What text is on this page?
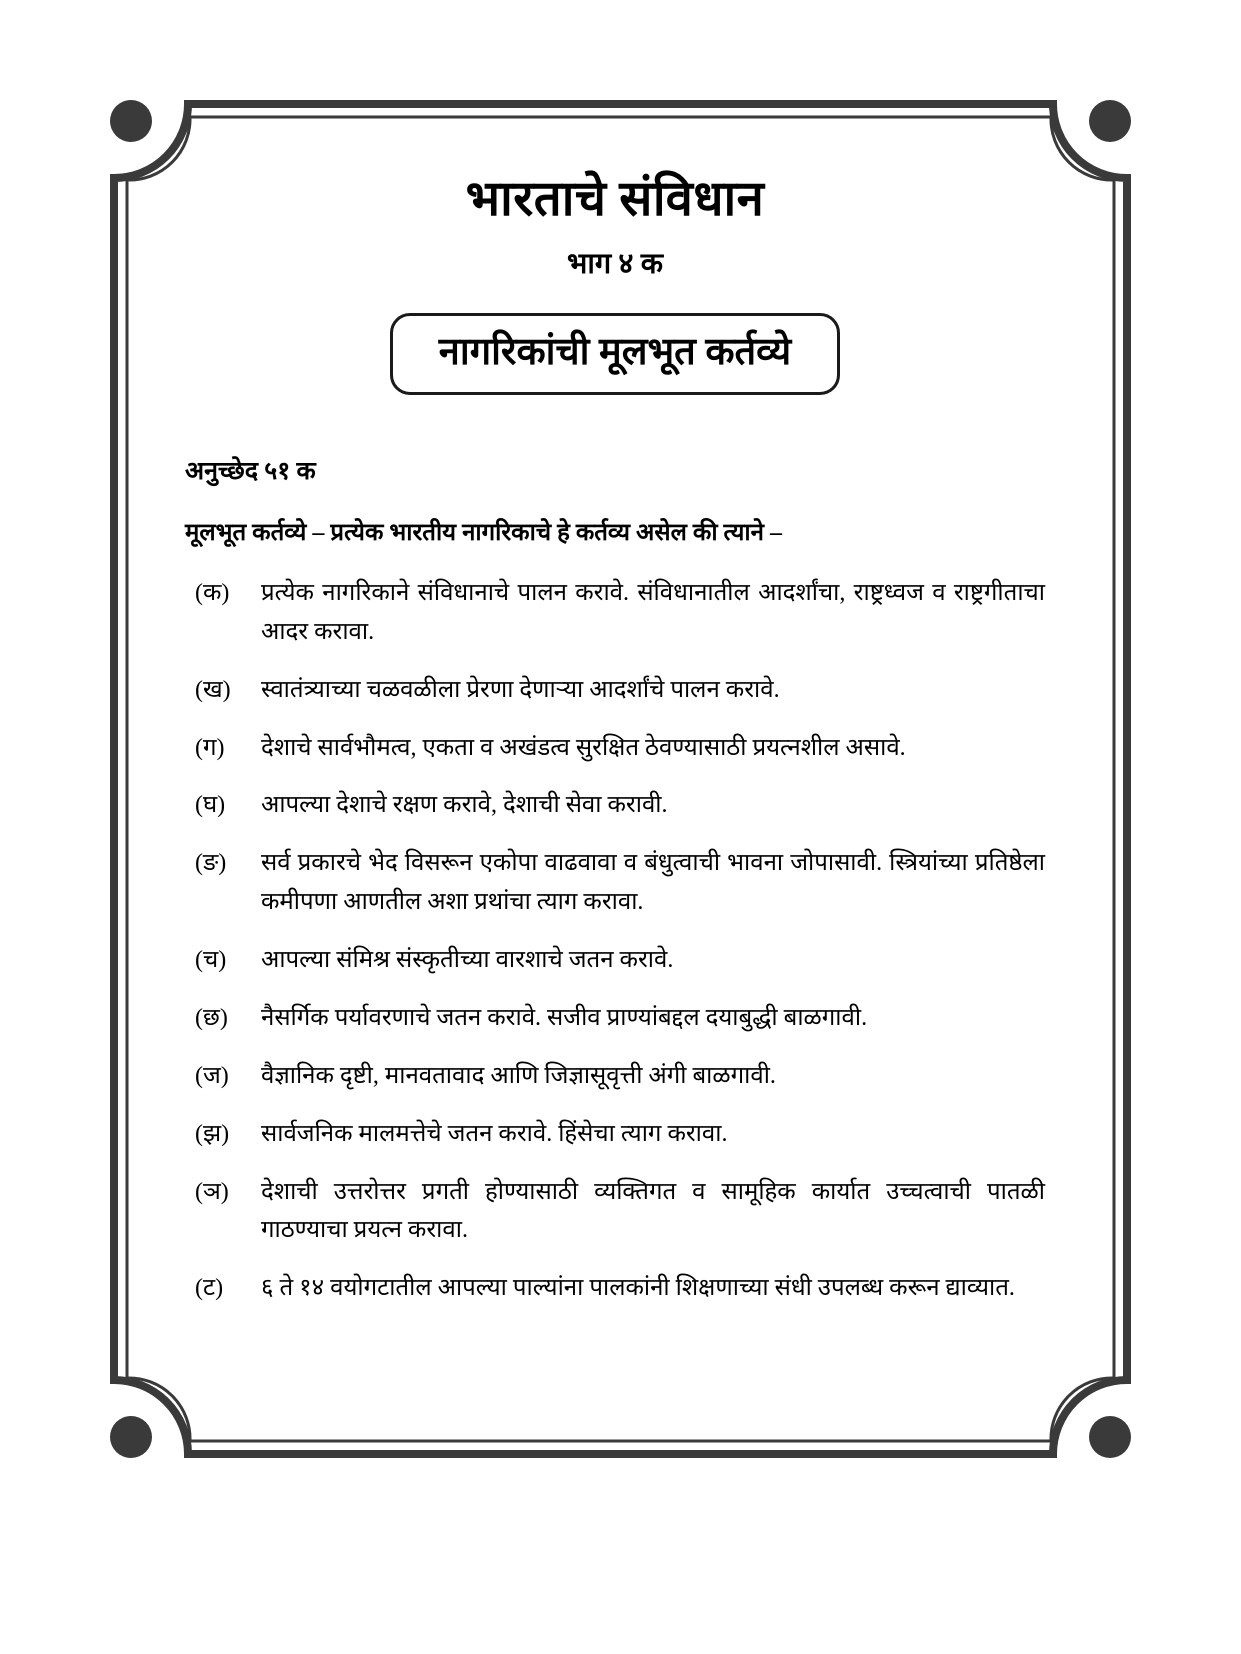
भारताचे संविधान
भाग ४ क
नागरिकांची मूलभूत कर्तव्ये
अनुच्छेद ५१ क
मूलभूत कर्तव्ये – प्रत्येक भारतीय नागरिकाचे हे कर्तव्य असेल की त्याने –
(क)	प्रत्येक नागरिकाने संविधानाचे पालन करावे. संविधानातील आदर्शांचा, राष्ट्रध्वज व राष्ट्रगीताचा आदर करावा.
(ख)	स्वातंत्र्याच्या चळवळीला प्रेरणा देणाऱ्या आदर्शांचे पालन करावे.
(ग)	देशाचे सार्वभौमत्व, एकता व अखंडत्व सुरक्षित ठेवण्यासाठी प्रयत्नशील असावे.
(घ)	आपल्या देशाचे रक्षण करावे, देशाची सेवा करावी.
(ङ)	सर्व प्रकारचे भेद विसरून एकोपा वाढवावा व बंधुत्वाची भावना जोपासावी. स्त्रियांच्या प्रतिष्ठेला कमीपणा आणतील अशा प्रथांचा त्याग करावा.
(च)	आपल्या संमिश्र संस्कृतीच्या वारशाचे जतन करावे.
(छ)	नैसर्गिक पर्यावरणाचे जतन करावे. सजीव प्राण्यांबद्दल दयाबुद्धी बाळगावी.
(ज)	वैज्ञानिक दृष्टी, मानवतावाद आणि जिज्ञासूवृत्ती अंगी बाळगावी.
(झ)	सार्वजनिक मालमत्तेचे जतन करावे. हिंसेचा त्याग करावा.
(ञ)	देशाची उत्तरोत्तर प्रगती होण्यासाठी व्यक्तिगत व सामूहिक कार्यात उच्चत्वाची पातळी गाठण्याचा प्रयत्न करावा.
(ट)	६ ते १४ वयोगटातील आपल्या पाल्यांना पालकांनी शिक्षणाच्या संधी उपलब्ध करून द्याव्यात.
